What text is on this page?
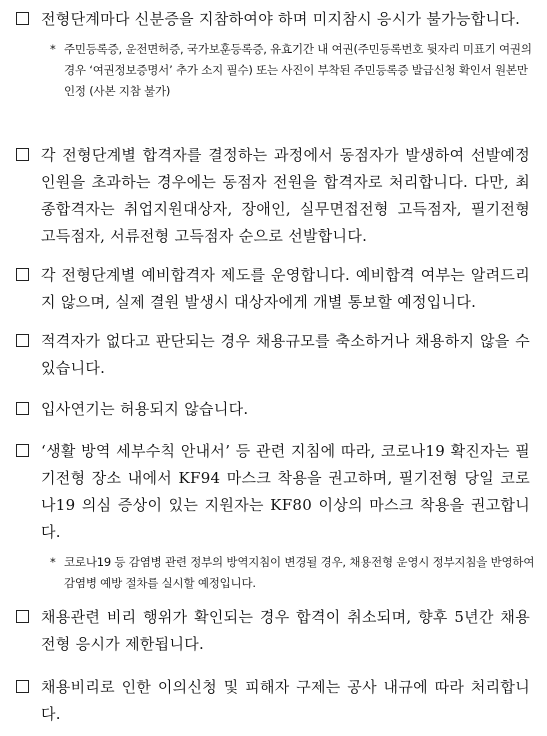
전형단계마다 신분증을 지참하여야 하며 미지참시 응시가 불가능합니다.
* 주민등록증, 운전면허증, 국가보훈등록증, 유효기간 내 여권(주민등록번호 뒷자리 미표기 여권의 경우 ‘여권정보증명서’ 추가 소지 필수) 또는 사진이 부착된 주민등록증 발급신청 확인서 원본만 인정 (사본 지참 불가)
각 전형단계별 합격자를 결정하는 과정에서 동점자가 발생하여 선발예정인원을 초과하는 경우에는 동점자 전원을 합격자로 처리합니다. 다만, 최종합격자는 취업지원대상자, 장애인, 실무면접전형 고득점자, 필기전형 고득점자, 서류전형 고득점자 순으로 선발합니다.
각 전형단계별 예비합격자 제도를 운영합니다. 예비합격 여부는 알려드리지 않으며, 실제 결원 발생시 대상자에게 개별 통보할 예정입니다.
적격자가 없다고 판단되는 경우 채용규모를 축소하거나 채용하지 않을 수 있습니다.
입사연기는 허용되지 않습니다.
‘생활 방역 세부수칙 안내서’ 등 관련 지침에 따라, 코로나19 확진자는 필기전형 장소 내에서 KF94 마스크 착용을 권고하며, 필기전형 당일 코로나19 의심 증상이 있는 지원자는 KF80 이상의 마스크 착용을 권고합니다.
* 코로나19 등 감염병 관련 정부의 방역지침이 변경될 경우, 채용전형 운영시 정부지침을 반영하여 감염병 예방 절차를 실시할 예정입니다.
채용관련 비리 행위가 확인되는 경우 합격이 취소되며, 향후 5년간 채용 전형 응시가 제한됩니다.
채용비리로 인한 이의신청 및 피해자 구제는 공사 내규에 따라 처리합니다.
